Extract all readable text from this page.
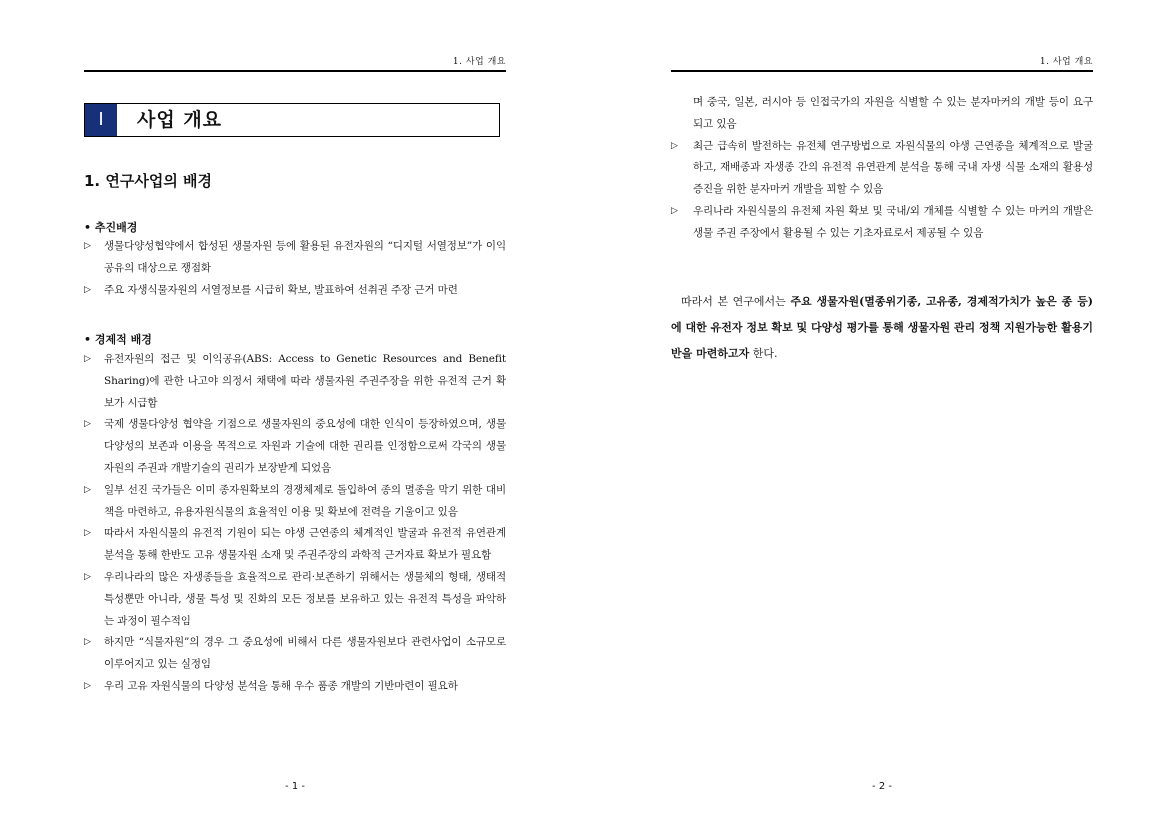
1. 사업 개요
Ⅰ	사업 개요
1. 연구사업의 배경
• 추진배경
▷ 생물다양성협약에서 합성된 생물자원 등에 활용된 유전자원의 “디지털 서열정보”가 이익공유의 대상으로 쟁점화
▷ 주요 자생식물자원의 서열정보를 시급히 확보, 발표하여 선취권 주장 근거 마련
• 경제적 배경
▷ 유전자원의 접근 및 이익공유(ABS: Access to Genetic Resources and Benefit Sharing)에 관한 나고야 의정서 채택에 따라 생물자원 주권주장을 위한 유전적 근거 확보가 시급함
▷ 국제 생물다양성 협약을 기점으로 생물자원의 중요성에 대한 인식이 등장하였으며, 생물다양성의 보존과 이용을 목적으로 자원과 기술에 대한 권리를 인정함으로써 각국의 생물자원의 주권과 개발기술의 권리가 보장받게 되었음
▷ 일부 선진 국가들은 이미 종자원확보의 경쟁체제로 돌입하여 종의 멸종을 막기 위한 대비책을 마련하고, 유용자원식물의 효율적인 이용 및 확보에 전력을 기울이고 있음
▷ 따라서 자원식물의 유전적 기원이 되는 야생 근연종의 체계적인 발굴과 유전적 유연관계 분석을 통해 한반도 고유 생물자원 소재 및 주권주장의 과학적 근거자료 확보가 필요함
▷ 우리나라의 많은 자생종들을 효율적으로 관리·보존하기 위해서는 생물체의 형태, 생태적 특성뿐만 아니라, 생물 특성 및 진화의 모든 정보를 보유하고 있는 유전적 특성을 파악하는 과정이 필수적임
▷ 하지만 “식물자원”의 경우 그 중요성에 비해서 다른 생물자원보다 관련사업이 소규모로 이루어지고 있는 실정임
▷ 우리 고유 자원식물의 다양성 분석을 통해 우수 품종 개발의 기반마련이 필요하
- 1 -
1. 사업 개요
며 중국, 일본, 러시아 등 인접국가의 자원을 식별할 수 있는 분자마커의 개발 등이 요구되고 있음
▷ 최근 급속히 발전하는 유전체 연구방법으로 자원식물의 야생 근연종을 체계적으로 발굴하고, 재배종과 자생종 간의 유전적 유연관계 분석을 통해 국내 자생 식물 소재의 활용성 증진을 위한 분자마커 개발을 꾀할 수 있음
▷ 우리나라 자원식물의 유전체 자원 확보 및 국내/외 개체를 식별할 수 있는 마커의 개발은 생물 주권 주장에서 활용될 수 있는 기초자료로서 제공될 수 있음

따라서 본 연구에서는 주요 생물자원(멸종위기종, 고유종, 경제적가치가 높은 종 등)에 대한 유전자 정보 확보 및 다양성 평가를 통해 생물자원 관리 정책 지원가능한 활용기반을 마련하고자 한다.

- 2 -
